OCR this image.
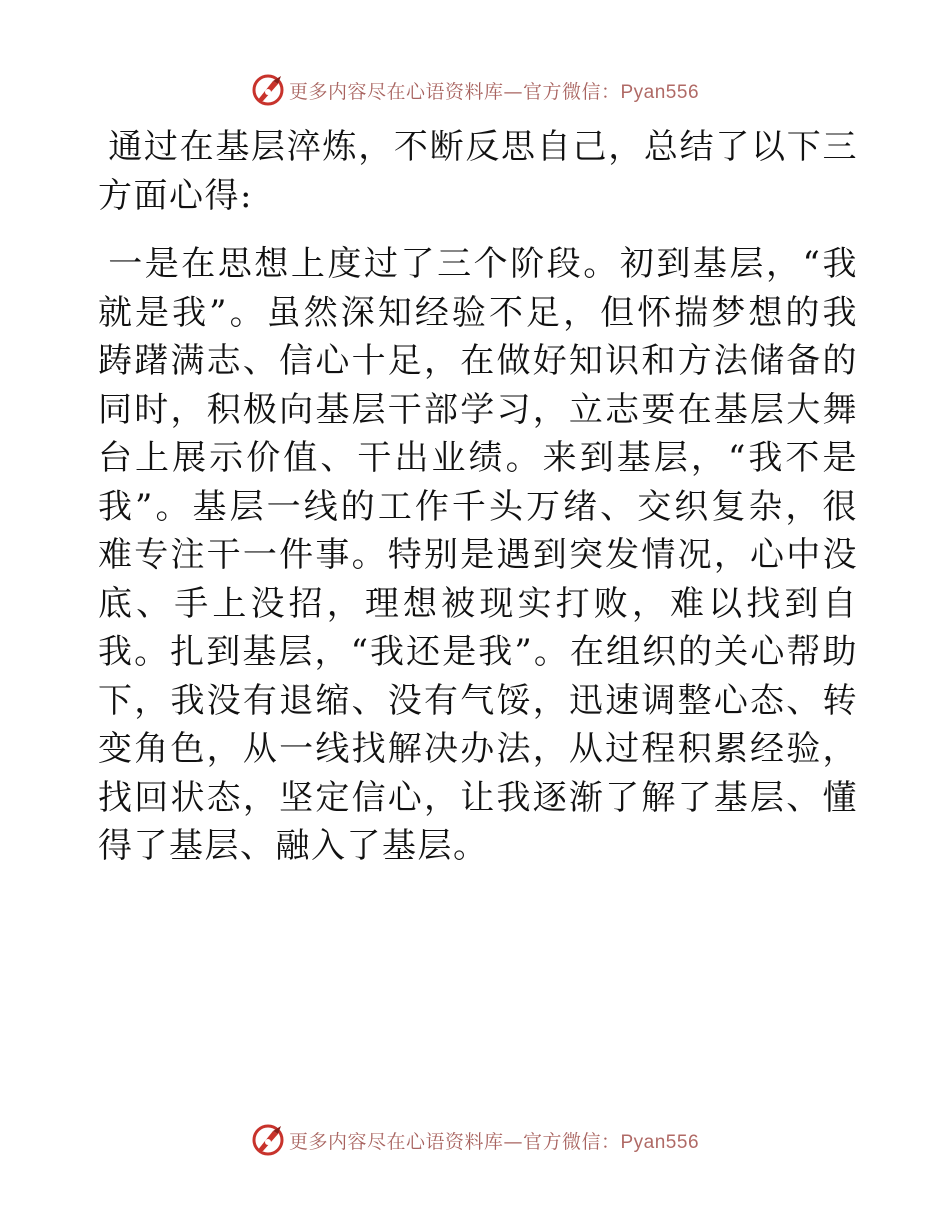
更多内容尽在心语资料库—官方微信：Pyan556

通过在基层淬炼，不断反思自己，总结了以下三方面心得:

一是在思想上度过了三个阶段。初到基层，“我就是我”。虽然深知经验不足，但怀揣梦想的我踌躇满志、信心十足，在做好知识和方法储备的同时，积极向基层干部学习，立志要在基层大舞台上展示价值、干出业绩。来到基层，“我不是我”。基层一线的工作千头万绪、交织复杂，很难专注干一件事。特别是遇到突发情况，心中没底、手上没招，理想被现实打败，难以找到自我。扎到基层，“我还是我”。在组织的关心帮助下，我没有退缩、没有气馁，迅速调整心态、转变角色，从一线找解决办法，从过程积累经验，找回状态，坚定信心，让我逐渐了解了基层、懂得了基层、融入了基层。

更多内容尽在心语资料库—官方微信：Pyan556
